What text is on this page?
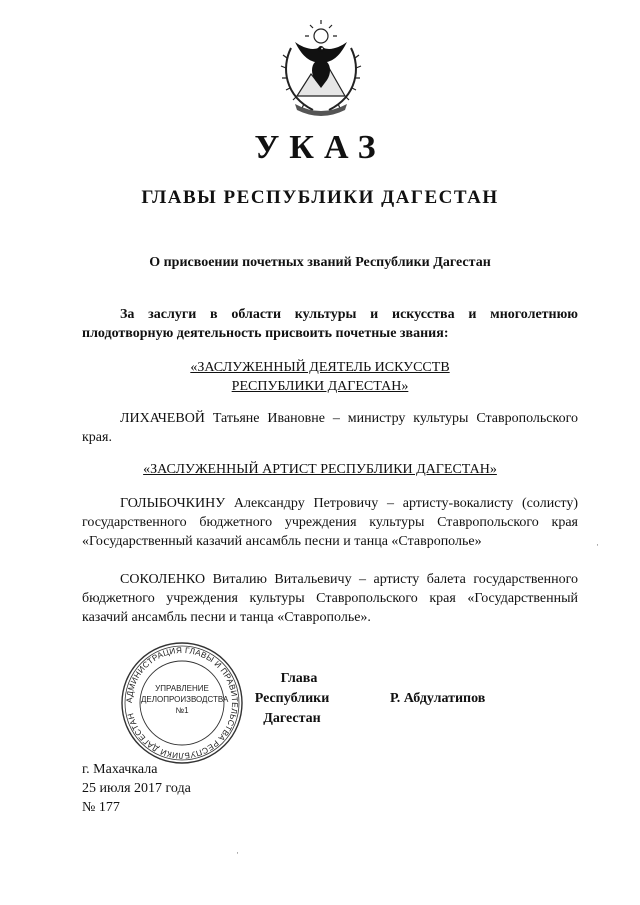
УКАЗ
ГЛАВЫ РЕСПУБЛИКИ ДАГЕСТАН
О присвоении почетных званий Республики Дагестан
За заслуги в области культуры и искусства и многолетнюю плодотворную деятельность присвоить почетные звания:
«ЗАСЛУЖЕННЫЙ ДЕЯТЕЛЬ ИСКУССТВ
РЕСПУБЛИКИ ДАГЕСТАН»
ЛИХАЧЕВОЙ Татьяне Ивановне – министру культуры Ставропольского края.
«ЗАСЛУЖЕННЫЙ АРТИСТ РЕСПУБЛИКИ ДАГЕСТАН»
ГОЛЫБОЧКИНУ Александру Петровичу – артисту-вокалисту (солисту) государственного бюджетного учреждения культуры Ставропольского края «Государственный казачий ансамбль песни и танца «Ставрополье»
СОКОЛЕНКО Виталию Витальевичу – артисту балета государственного бюджетного учреждения культуры Ставропольского края «Государственный казачий ансамбль песни и танца «Ставрополье».
АДМИНИСТРАЦИЯ ГЛАВЫ И ПРАВИТЕЛЬСТВА РЕСПУБЛИКИ ДАГЕСТАН
УПРАВЛЕНИЕ
ДЕЛОПРОИЗВОДСТВА
№1
Глава
Республики Дагестан
Р. Абдулатипов
г. Махачкала
25 июля 2017 года
№ 177
·
·
